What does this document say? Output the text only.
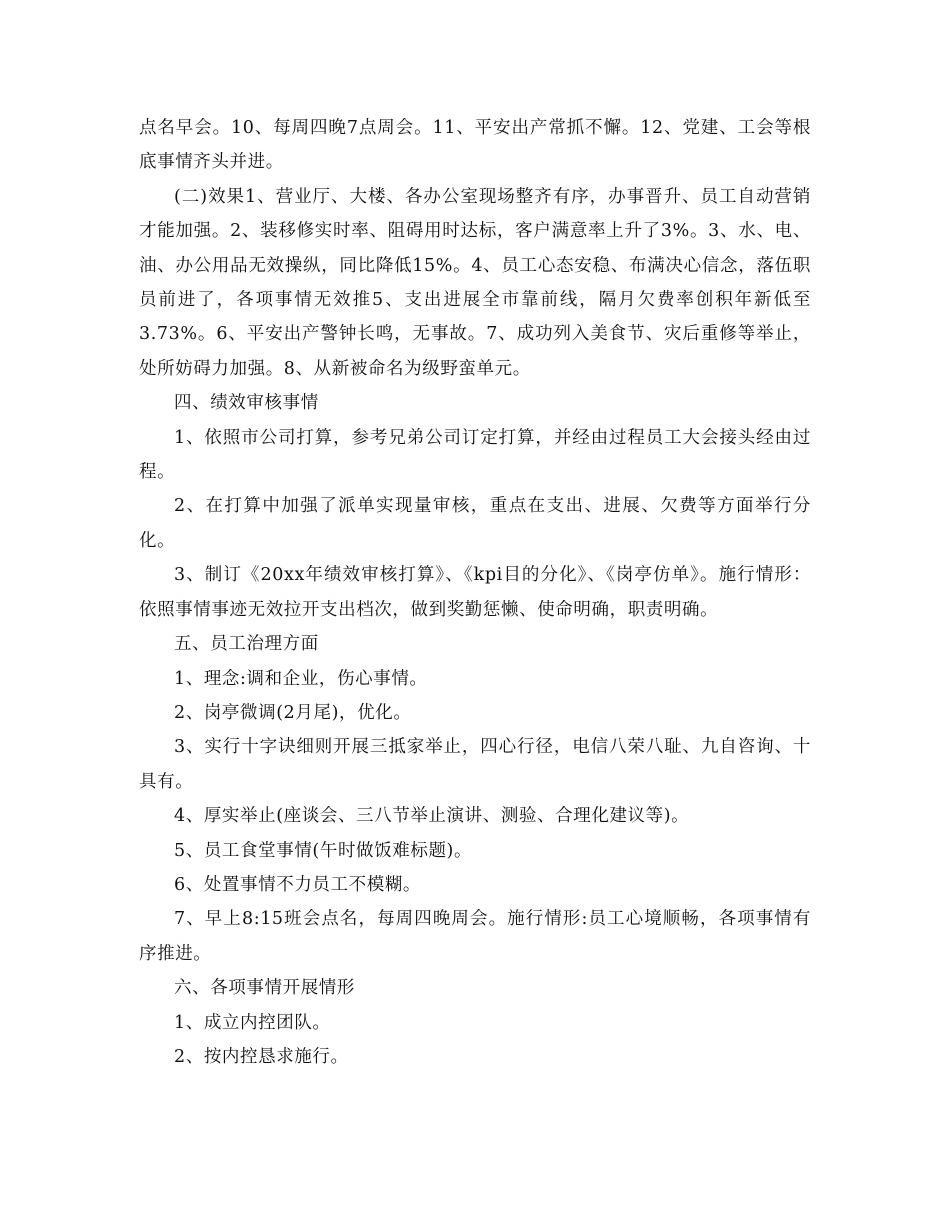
点名早会。10、每周四晚7点周会。11、平安出产常抓不懈。12、党建、工会等根底事情齐头并进。

(二)效果1、营业厅、大楼、各办公室现场整齐有序，办事晋升、员工自动营销才能加强。2、装移修实时率、阻碍用时达标，客户满意率上升了3%。3、水、电、油、办公用品无效操纵，同比降低15%。4、员工心态安稳、布满决心信念，落伍职员前进了，各项事情无效推5、支出进展全市靠前线，隔月欠费率创积年新低至3.73%。6、平安出产警钟长鸣，无事故。7、成功列入美食节、灾后重修等举止，处所妨碍力加强。8、从新被命名为级野蛮单元。

四、绩效审核事情

1、依照市公司打算，参考兄弟公司订定打算，并经由过程员工大会接头经由过程。

2、在打算中加强了派单实现量审核，重点在支出、进展、欠费等方面举行分化。

3、制订《20xx年绩效审核打算》、《kpi目的分化》、《岗亭仿单》。施行情形：依照事情事迹无效拉开支出档次，做到奖勤惩懒、使命明确，职责明确。

五、员工治理方面

1、理念:调和企业，伤心事情。

2、岗亭微调(2月尾)，优化。

3、实行十字诀细则开展三抵家举止，四心行径，电信八荣八耻、九自咨询、十具有。

4、厚实举止(座谈会、三八节举止演讲、测验、合理化建议等)。

5、员工食堂事情(午时做饭难标题)。

6、处置事情不力员工不模糊。

7、早上8:15班会点名，每周四晚周会。施行情形:员工心境顺畅，各项事情有序推进。

六、各项事情开展情形

1、成立内控团队。

2、按内控恳求施行。
